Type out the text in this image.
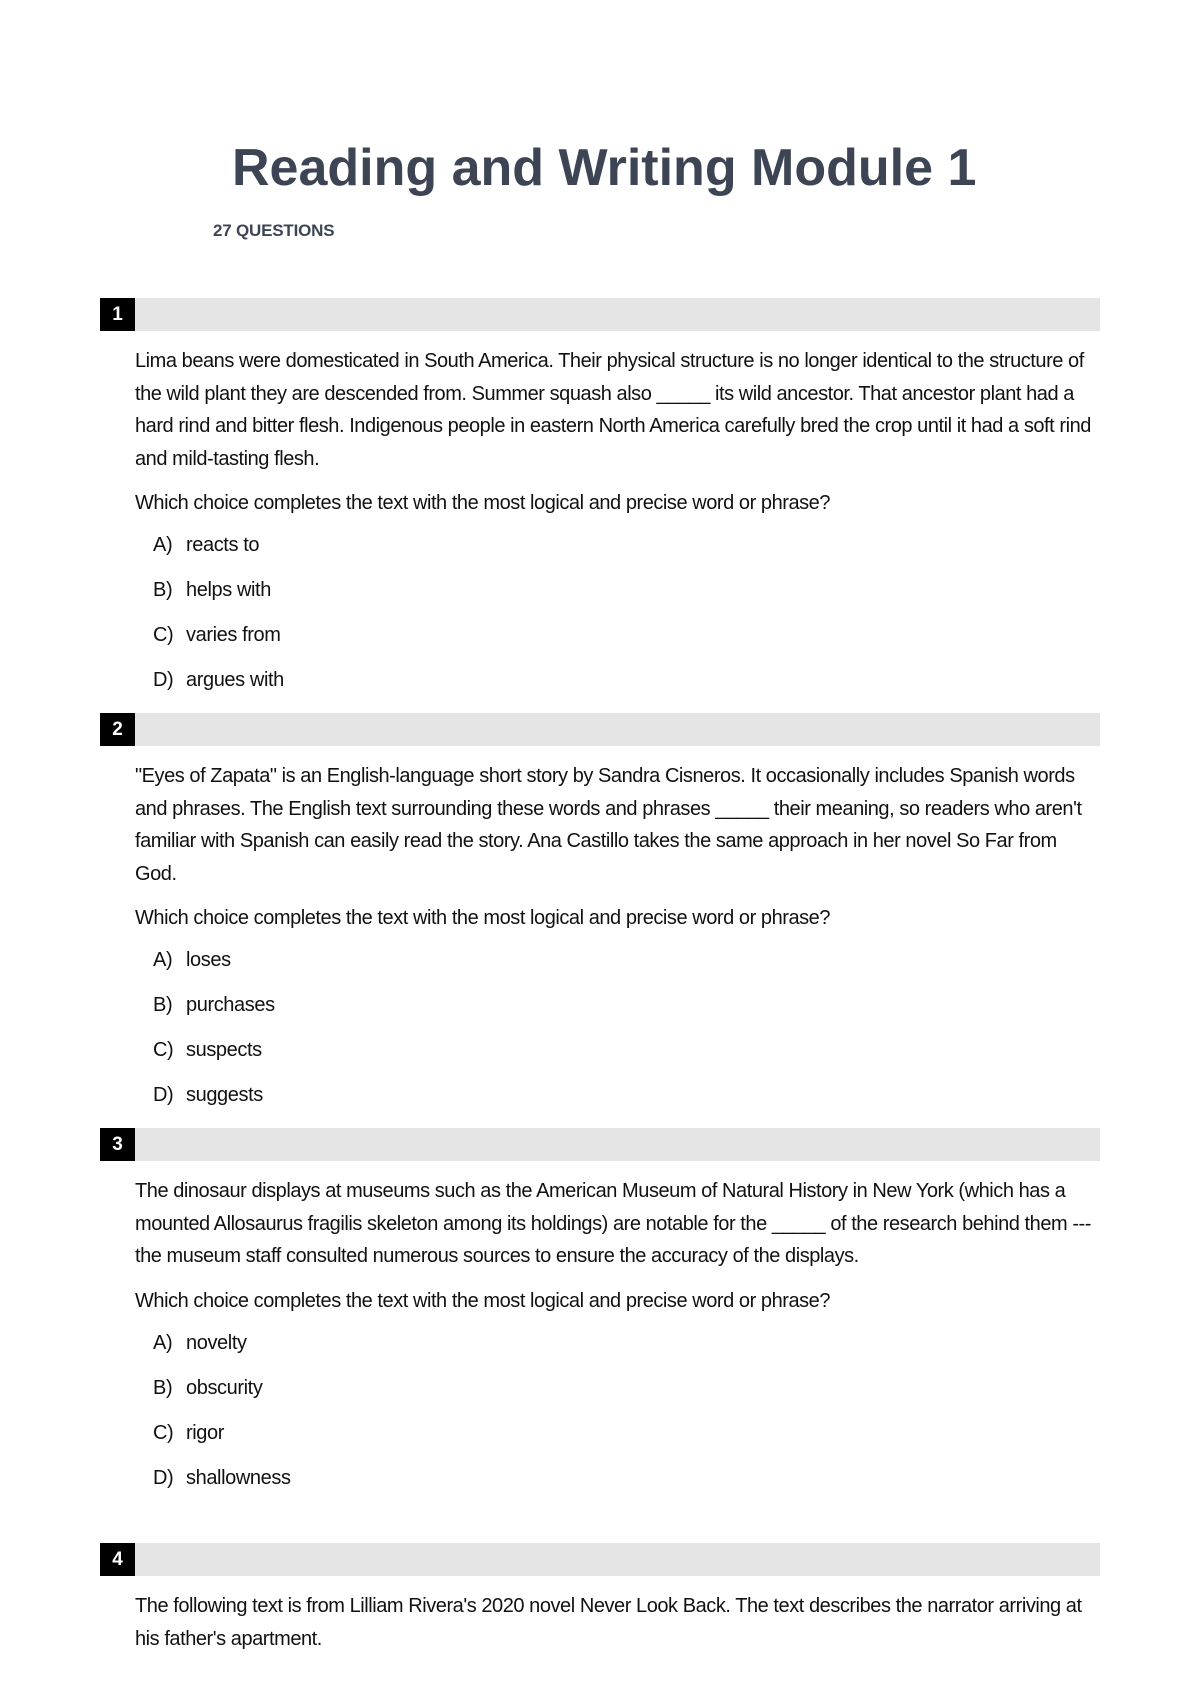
Reading and Writing Module 1
27 QUESTIONS
1

Lima beans were domesticated in South America. Their physical structure is no longer identical to the structure of the wild plant they are descended from. Summer squash also _____ its wild ancestor. That ancestor plant had a hard rind and bitter flesh. Indigenous people in eastern North America carefully bred the crop until it had a soft rind and mild-tasting flesh.

Which choice completes the text with the most logical and precise word or phrase?

A) reacts to
B) helps with
C) varies from
D) argues with
2

"Eyes of Zapata" is an English-language short story by Sandra Cisneros. It occasionally includes Spanish words and phrases. The English text surrounding these words and phrases _____ their meaning, so readers who aren't familiar with Spanish can easily read the story. Ana Castillo takes the same approach in her novel So Far from God.

Which choice completes the text with the most logical and precise word or phrase?

A) loses
B) purchases
C) suspects
D) suggests
3

The dinosaur displays at museums such as the American Museum of Natural History in New York (which has a mounted Allosaurus fragilis skeleton among its holdings) are notable for the _____ of the research behind them --- the museum staff consulted numerous sources to ensure the accuracy of the displays.

Which choice completes the text with the most logical and precise word or phrase?

A) novelty
B) obscurity
C) rigor
D) shallowness
4

The following text is from Lilliam Rivera's 2020 novel Never Look Back. The text describes the narrator arriving at his father's apartment.
